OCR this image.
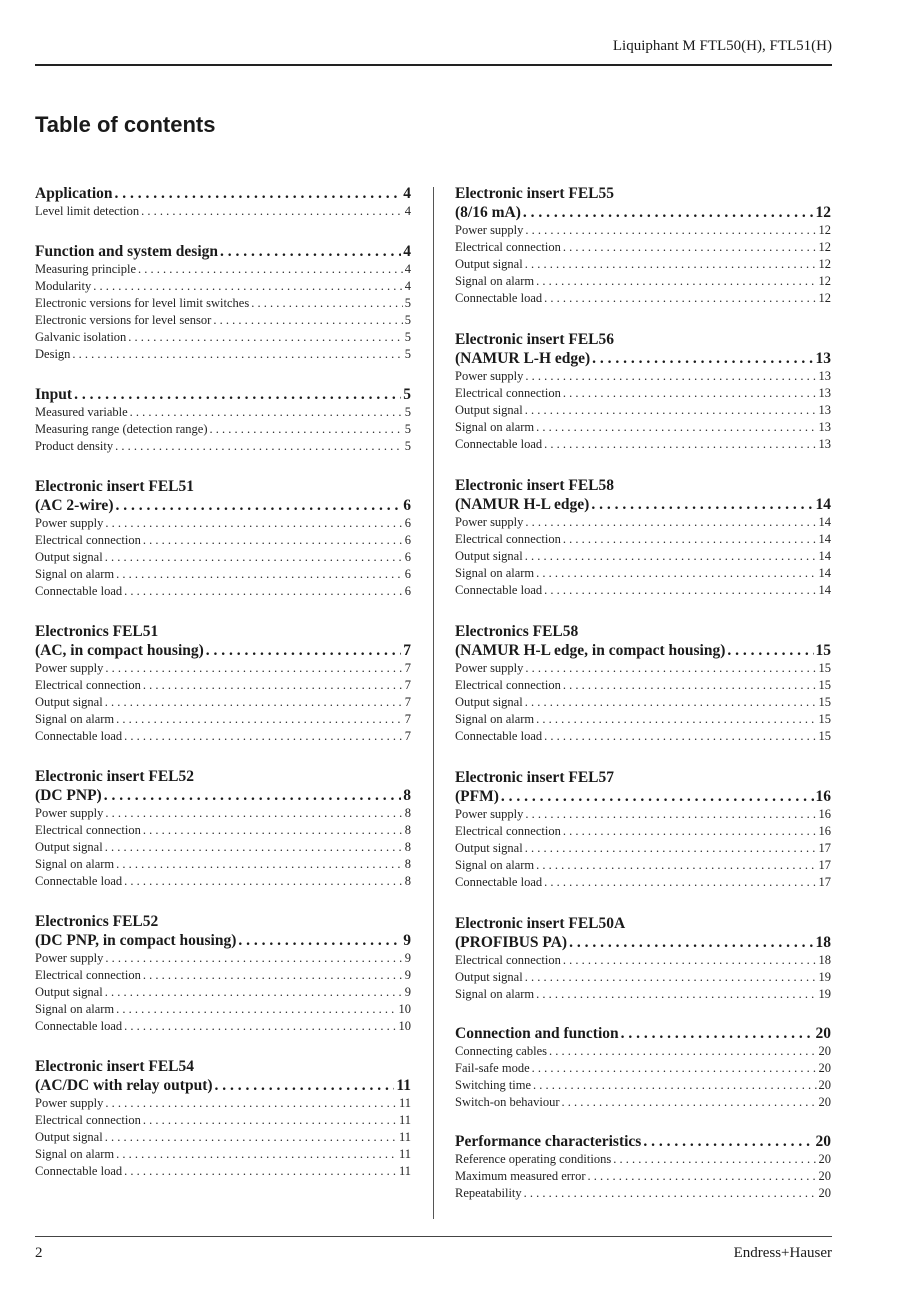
Liquiphant M FTL50(H), FTL51(H)
Table of contents
Application . . .	4
Level limit detection . . .	4
Function and system design . . .	4
Measuring principle . . .	4
Modularity . . .	4
Electronic versions for level limit switches . . .	5
Electronic versions for level sensor . . .	5
Galvanic isolation . . .	5
Design . . .	5
Input . . .	5
Measured variable . . .	5
Measuring range (detection range) . . .	5
Product density . . .	5
Electronic insert FEL51
(AC 2-wire) . . .	6
Power supply . . .	6
Electrical connection . . .	6
Output signal . . .	6
Signal on alarm . . .	6
Connectable load . . .	6
Electronics FEL51
(AC, in compact housing) . . .	7
Power supply . . .	7
Electrical connection . . .	7
Output signal . . .	7
Signal on alarm . . .	7
Connectable load . . .	7
Electronic insert FEL52
(DC PNP) . . .	8
Power supply . . .	8
Electrical connection . . .	8
Output signal . . .	8
Signal on alarm . . .	8
Connectable load . . .	8
Electronics FEL52
(DC PNP, in compact housing) . . .	9
Power supply . . .	9
Electrical connection . . .	9
Output signal . . .	9
Signal on alarm . . .	10
Connectable load . . .	10
Electronic insert FEL54
(AC/DC with relay output) . . .	11
Power supply . . .	11
Electrical connection . . .	11
Output signal . . .	11
Signal on alarm . . .	11
Connectable load . . .	11
Electronic insert FEL55
(8/16 mA) . . .	12
Power supply . . .	12
Electrical connection . . .	12
Output signal . . .	12
Signal on alarm . . .	12
Connectable load . . .	12
Electronic insert FEL56
(NAMUR L-H edge) . . .	13
Power supply . . .	13
Electrical connection . . .	13
Output signal . . .	13
Signal on alarm . . .	13
Connectable load . . .	13
Electronic insert FEL58
(NAMUR H-L edge) . . .	14
Power supply . . .	14
Electrical connection . . .	14
Output signal . . .	14
Signal on alarm . . .	14
Connectable load . . .	14
Electronics FEL58
(NAMUR H-L edge, in compact housing) . . .	15
Power supply . . .	15
Electrical connection . . .	15
Output signal . . .	15
Signal on alarm . . .	15
Connectable load . . .	15
Electronic insert FEL57
(PFM) . . .	16
Power supply . . .	16
Electrical connection . . .	16
Output signal . . .	17
Signal on alarm . . .	17
Connectable load . . .	17
Electronic insert FEL50A
(PROFIBUS PA) . . .	18
Electrical connection . . .	18
Output signal . . .	19
Signal on alarm . . .	19
Connection and function . . .	20
Connecting cables . . .	20
Fail-safe mode . . .	20
Switching time . . .	20
Switch-on behaviour . . .	20
Performance characteristics . . .	20
Reference operating conditions . . .	20
Maximum measured error . . .	20
Repeatability . . .	20
2	Endress+Hauser
